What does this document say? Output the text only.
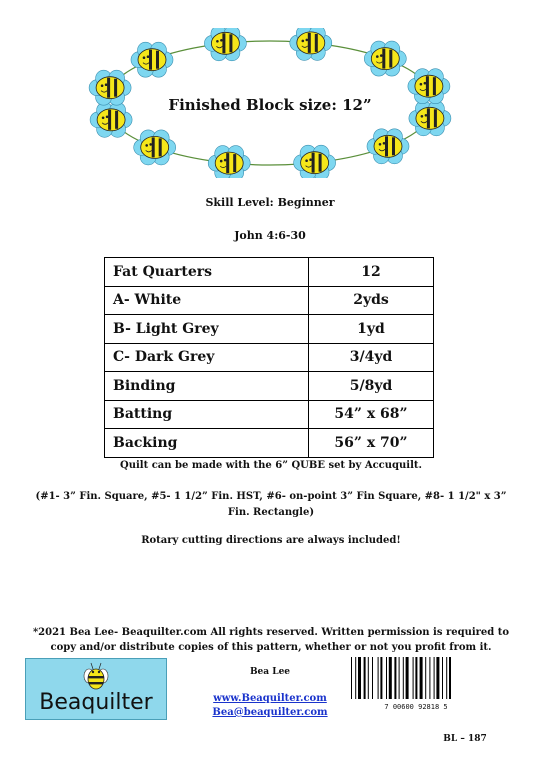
Finished Block size: 12”
Skill Level: Beginner
John 4:6-30
Fat Quarters	12
A- White	2yds
B- Light Grey	1yd
C- Dark Grey	3/4yd
Binding	5/8yd
Batting	54” x 68”
Backing	56” x 70”
Quilt can be made with the 6” QUBE set by Accuquilt.
(#1- 3” Fin. Square, #5- 1 1/2” Fin. HST, #6- on-point 3” Fin Square, #8- 1 1/2" x 3” Fin. Rectangle)
Rotary cutting directions are always included!
*2021 Bea Lee- Beaquilter.com All rights reserved. Written permission is required to copy and/or distribute copies of this pattern, whether or not you profit from it.
Beaquilter
Bea Lee
www.Beaquilter.com
Bea@beaquilter.com	7 00600 92818 5
BL – 187
